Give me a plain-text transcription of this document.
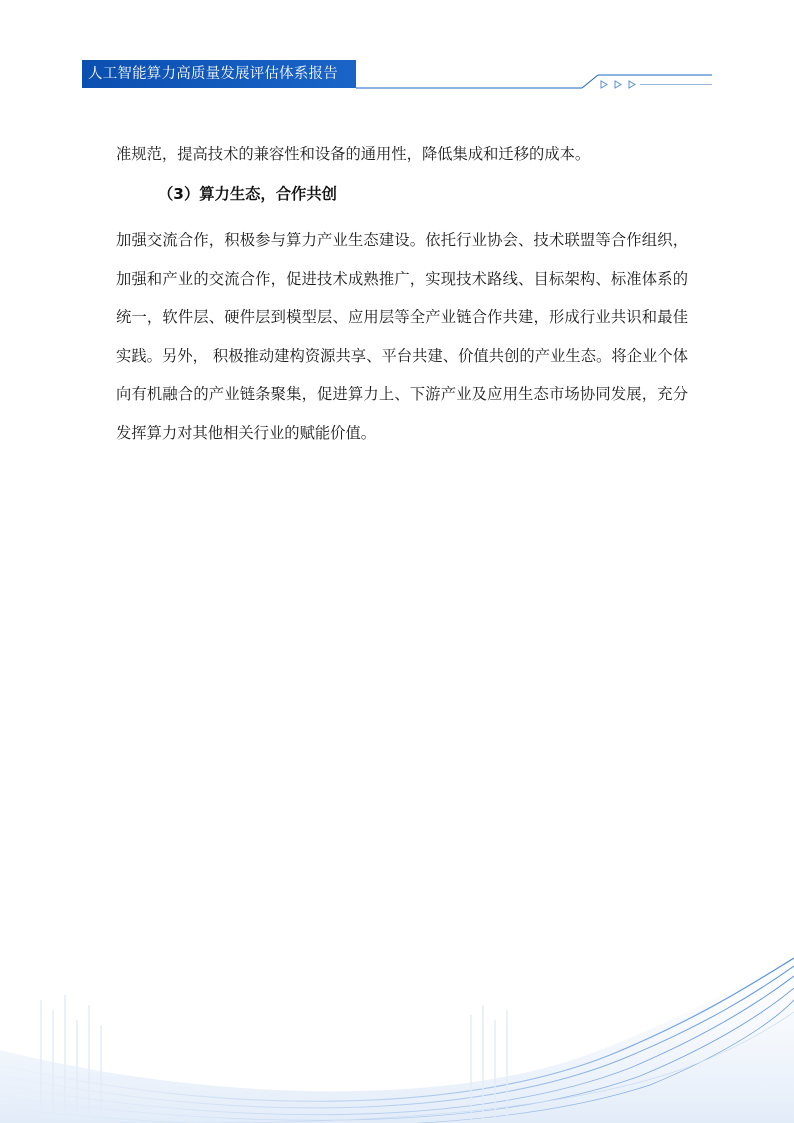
人工智能算力高质量发展评估体系报告
准规范，提高技术的兼容性和设备的通用性，降低集成和迁移的成本。
（3）算力生态，合作共创
加强交流合作，积极参与算力产业生态建设。依托行业协会、技术联盟等合作组织，加强和产业的交流合作，促进技术成熟推广，实现技术路线、目标架构、标准体系的统一，软件层、硬件层到模型层、应用层等全产业链合作共建，形成行业共识和最佳实践。另外， 积极推动建构资源共享、平台共建、价值共创的产业生态。将企业个体向有机融合的产业链条聚集，促进算力上、下游产业及应用生态市场协同发展，充分发挥算力对其他相关行业的赋能价值。
